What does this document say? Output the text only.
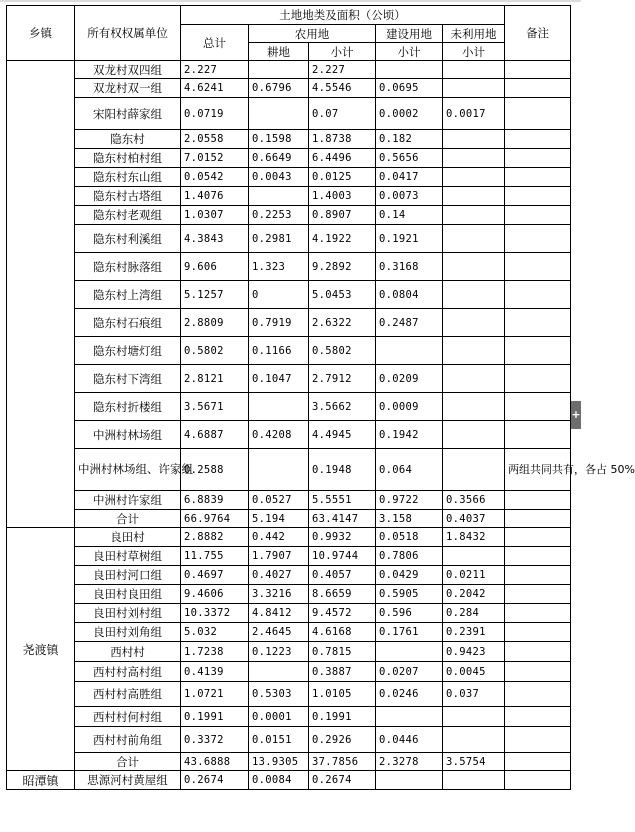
乡镇	所有权权属单位	土地地类及面积（公顷）					备注
		总计	农用地		建设用地	未利用地	
			耕地	小计	小计	小计	
	双龙村双四组	2.227		2.227			
	双龙村双一组	4.6241	0.6796	4.5546	0.0695		
	宋阳村薛家组	0.0719		0.07	0.0002	0.0017	
	隐东村	2.0558	0.1598	1.8738	0.182		
	隐东村柏村组	7.0152	0.6649	6.4496	0.5656		
	隐东村东山组	0.0542	0.0043	0.0125	0.0417		
	隐东村古塔组	1.4076		1.4003	0.0073		
	隐东村老观组	1.0307	0.2253	0.8907	0.14		
	隐东村利溪组	4.3843	0.2981	4.1922	0.1921		
	隐东村脉落组	9.606	1.323	9.2892	0.3168		
	隐东村上湾组	5.1257	0	5.0453	0.0804		
	隐东村石痕组	2.8809	0.7919	2.6322	0.2487		
	隐东村塘灯组	0.5802	0.1166	0.5802			
	隐东村下湾组	2.8121	0.1047	2.7912	0.0209		
	隐东村折楼组	3.5671		3.5662	0.0009		
	中洲村林场组	4.6887	0.4208	4.4945	0.1942		
	中洲村林场组、许家组	0.2588		0.1948	0.064		两组共同共有，各占 50%
	中洲村许家组	6.8839	0.0527	5.5551	0.9722	0.3566	
	合计	66.9764	5.194	63.4147	3.158	0.4037	
尧渡镇	良田村	2.8882	0.442	0.9932	0.0518	1.8432	
	良田村草树组	11.755	1.7907	10.9744	0.7806		
	良田村河口组	0.4697	0.4027	0.4057	0.0429	0.0211	
	良田村良田组	9.4606	3.3216	8.6659	0.5905	0.2042	
	良田村刘村组	10.3372	4.8412	9.4572	0.596	0.284	
	良田村刘角组	5.032	2.4645	4.6168	0.1761	0.2391	
	西村村	1.7238	0.1223	0.7815		0.9423	
	西村村高村组	0.4139		0.3887	0.0207	0.0045	
	西村村高胜组	1.0721	0.5303	1.0105	0.0246	0.037	
	西村村何村组	0.1991	0.0001	0.1991			
	西村村前角组	0.3372	0.0151	0.2926	0.0446		
	合计	43.6888	13.9305	37.7856	2.3278	3.5754	
昭潭镇	思源河村黄屋组	0.2674	0.0084	0.2674			
+
